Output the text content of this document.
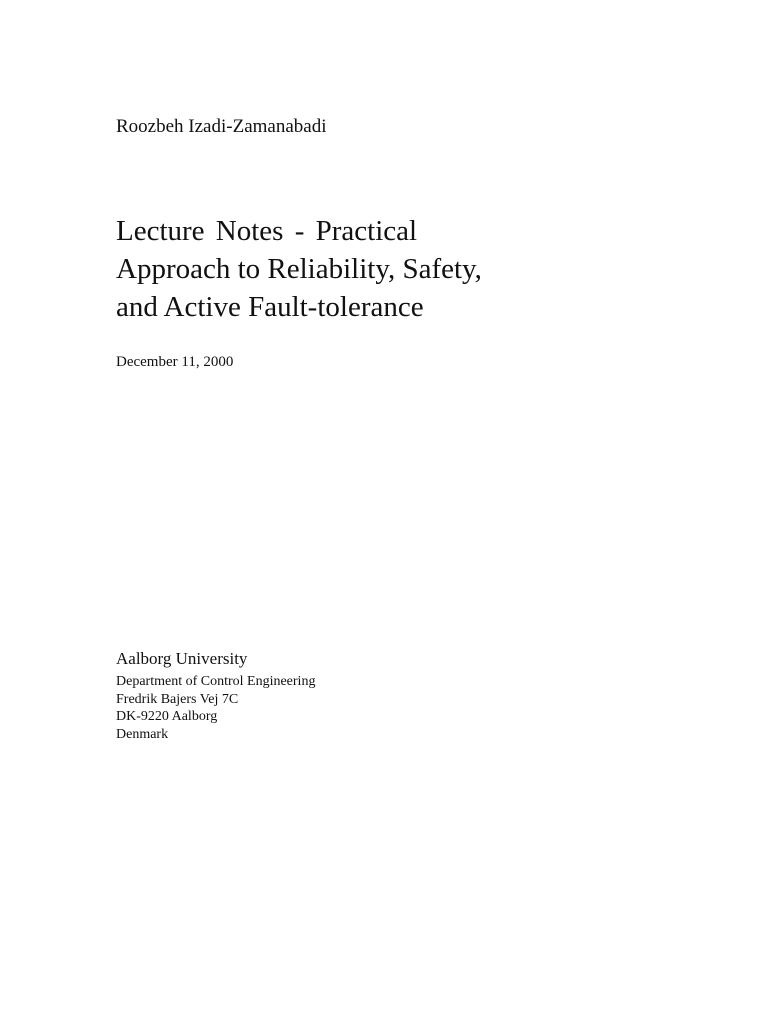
Roozbeh Izadi-Zamanabadi
Lecture Notes - Practical
Approach to Reliability, Safety,
and Active Fault-tolerance
December 11, 2000
Aalborg University
Department of Control Engineering
Fredrik Bajers Vej 7C
DK-9220 Aalborg
Denmark
